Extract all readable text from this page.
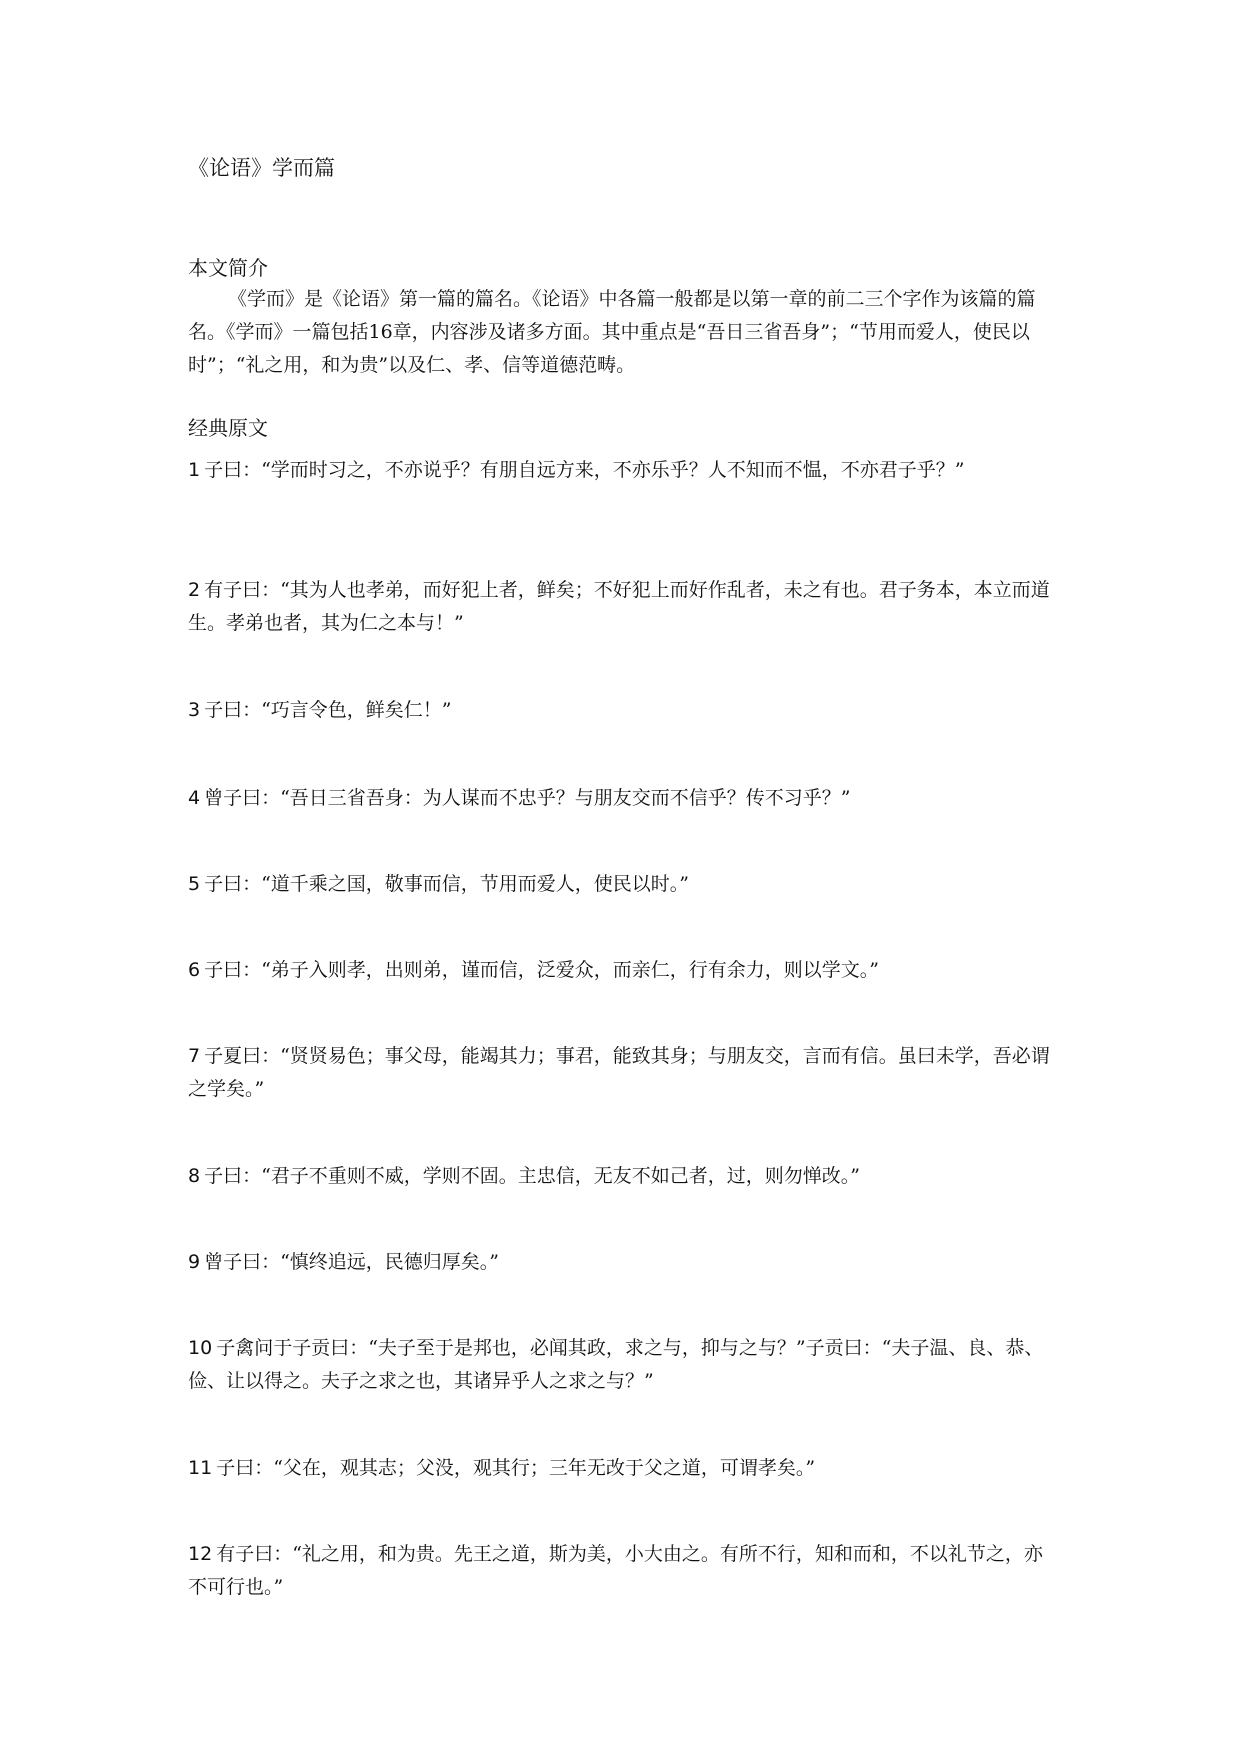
《论语》学而篇
本文简介

《学而》是《论语》第一篇的篇名。《论语》中各篇一般都是以第一章的前二三个字作为该篇的篇名。《学而》一篇包括16章，内容涉及诸多方面。其中重点是“吾日三省吾身”；“节用而爱人，使民以时”；“礼之用，和为贵”以及仁、孝、信等道德范畴。

经典原文

1 子曰：“学而时习之，不亦说乎？有朋自远方来，不亦乐乎？人不知而不愠，不亦君子乎？”

2 有子曰：“其为人也孝弟，而好犯上者，鲜矣；不好犯上而好作乱者，未之有也。君子务本，本立而道生。孝弟也者，其为仁之本与！”

3 子曰：“巧言令色，鲜矣仁！”

4 曾子曰：“吾日三省吾身：为人谋而不忠乎？与朋友交而不信乎？传不习乎？”

5 子曰：“道千乘之国，敬事而信，节用而爱人，使民以时。”

6 子曰：“弟子入则孝，出则弟，谨而信，泛爱众，而亲仁，行有余力，则以学文。”

7 子夏曰：“贤贤易色；事父母，能竭其力；事君，能致其身；与朋友交，言而有信。虽曰未学，吾必谓之学矣。”

8 子曰：“君子不重则不威，学则不固。主忠信，无友不如己者，过，则勿惮改。”

9 曾子曰：“慎终追远，民德归厚矣。”

10 子禽问于子贡曰：“夫子至于是邦也，必闻其政，求之与，抑与之与？”子贡曰：“夫子温、良、恭、俭、让以得之。夫子之求之也，其诸异乎人之求之与？”

11 子曰：“父在，观其志；父没，观其行；三年无改于父之道，可谓孝矣。”

12 有子曰：“礼之用，和为贵。先王之道，斯为美，小大由之。有所不行，知和而和，不以礼节之，亦不可行也。”
